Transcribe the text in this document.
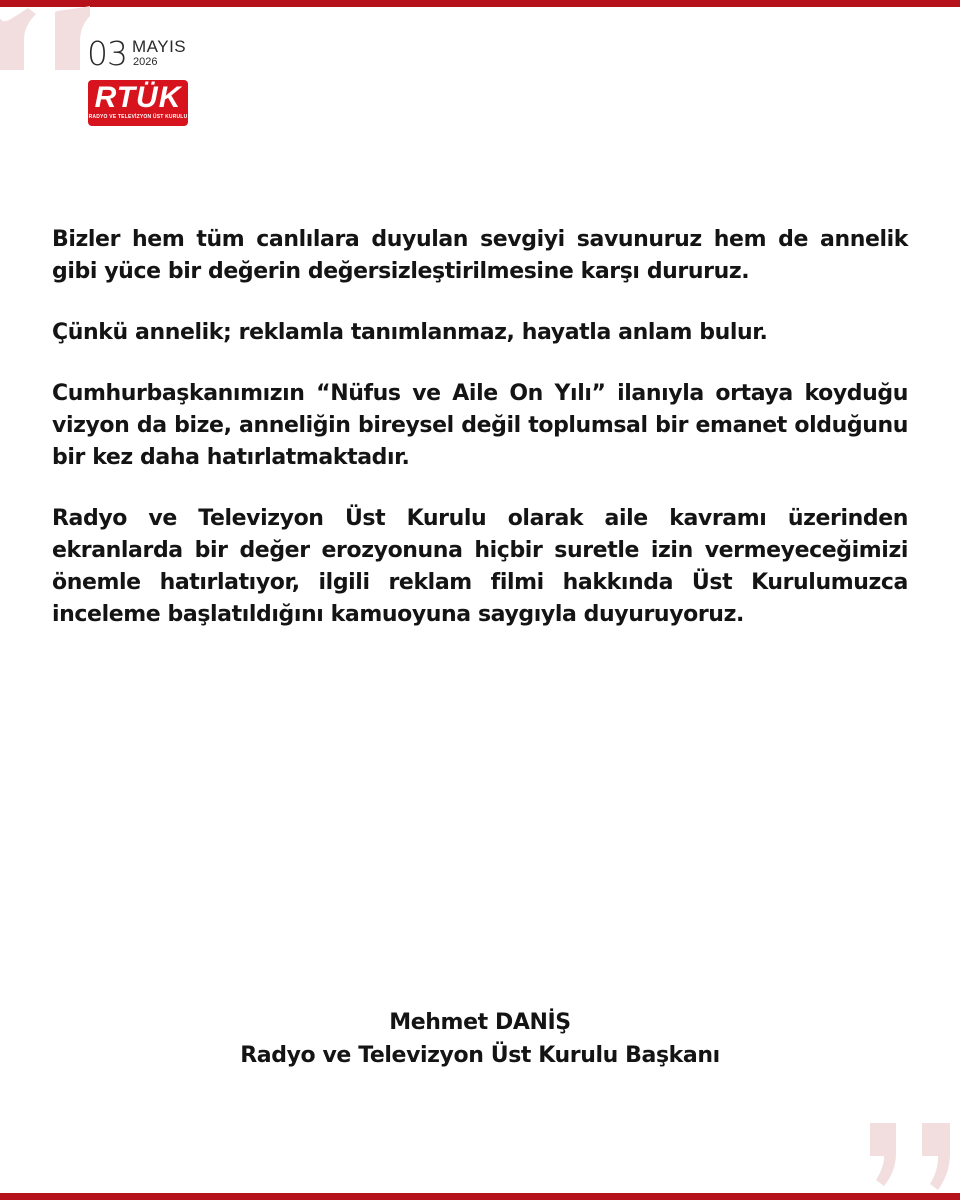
03 MAYIS
2026
RTÜK
RADYO VE TELEVİZYON ÜST KURULU

Bizler hem tüm canlılara duyulan sevgiyi savunuruz hem de annelik gibi yüce bir değerin değersizleştirilmesine karşı dururuz.

Çünkü annelik; reklamla tanımlanmaz, hayatla anlam bulur.

Cumhurbaşkanımızın “Nüfus ve Aile On Yılı” ilanıyla ortaya koyduğu vizyon da bize, anneliğin bireysel değil toplumsal bir emanet olduğunu bir kez daha hatırlatmaktadır.

Radyo ve Televizyon Üst Kurulu olarak aile kavramı üzerinden ekranlarda bir değer erozyonuna hiçbir suretle izin vermeyeceğimizi önemle hatırlatıyor, ilgili reklam filmi hakkında Üst Kurulumuzca inceleme başlatıldığını kamuoyuna saygıyla duyuruyoruz.

Mehmet DANİŞ
Radyo ve Televizyon Üst Kurulu Başkanı
